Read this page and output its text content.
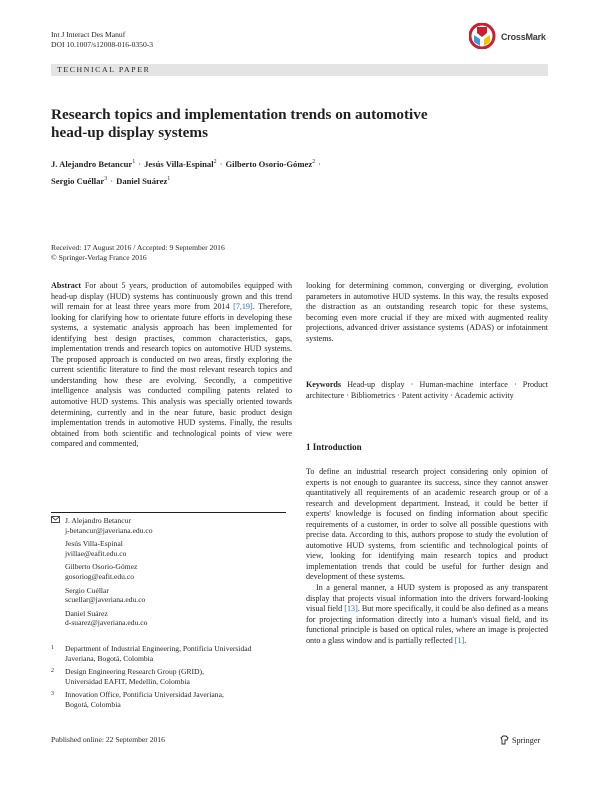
Int J Interact Des Manuf
DOI 10.1007/s12008-016-0350-3
CrossMark
TECHNICAL PAPER
Research topics and implementation trends on automotive
head-up display systems
J. Alejandro Betancur$^1$ · Jesús Villa-Espinal$^2$ · Gilberto Osorio-Gómez$^2$ ·
Sergio Cuéllar$^3$ · Daniel Suárez$^1$
Received: 17 August 2016 / Accepted: 9 September 2016
© Springer-Verlag France 2016

Abstract For about 5 years, production of automobiles equipped with head-up display (HUD) systems has continuously grown and this trend will remain for at least three years more from 2014 [7,19]. Therefore, looking for clarifying how to orientate future efforts in developing these systems, a systematic analysis approach has been implemented for identifying best design practises, common characteristics, gaps, implementation trends and research topics on automotive HUD systems. The proposed approach is conducted on two areas, firstly exploring the current scientific literature to find the most relevant research topics and understanding how these are evolving. Secondly, a competitive intelligence analysis was conducted compiling patents related to automotive HUD systems. This analysis was specially oriented towards determining, currently and in the near future, basic product design implementation trends in automotive HUD systems. Finally, the results obtained from both scientific and technological points of view were compared and commented,

looking for determining common, converging or diverging, evolution parameters in automotive HUD systems. In this way, the results exposed the distraction as an outstanding research topic for these systems, becoming even more crucial if they are mixed with augmented reality projections, advanced driver assistance systems (ADAS) or infotainment systems.

Keywords Head-up display · Human-machine interface · Product architecture · Bibliometrics · Patent activity · Academic activity

1 Introduction

To define an industrial research project considering only opinion of experts is not enough to guarantee its success, since they cannot answer quantitatively all requirements of an academic research group or of a research and development department. Instead, it could be better if experts' knowledge is focused on finding information about specific requirements of a customer, in order to solve all possible questions with precise data. According to this, authors propose to study the evolution of automotive HUD systems, from scientific and technological points of view, looking for identifying main research topics and product implementation trends that could be useful for further design and development of these systems.

In a general manner, a HUD system is proposed as any transparent display that projects visual information into the drivers forward-looking visual field [13]. But more specifically, it could be also defined as a means for projecting information directly into a human's visual field, and its functional principle is based on optical rules, where an image is projected onto a glass window and is partially reflected [1].

J. Alejandro Betancur
j-betancur@javeriana.edu.co
Jesús Villa-Espinal
jvillae@eafit.edu.co
Gilberto Osorio-Gómez
gosoriog@eafit.edu.co
Sergio Cuéllar
scuellar@javeriana.edu.co
Daniel Suárez
d-suarez@javeriana.edu.co
1 Department of Industrial Engineering, Pontificia Universidad
Javeriana, Bogotá, Colombia
2 Design Engineering Research Group (GRID),
Universidad EAFIT, Medellín, Colombia
3 Innovation Office, Pontificia Universidad Javeriana,
Bogotá, Colombia
Published online: 22 September 2016	Springer
